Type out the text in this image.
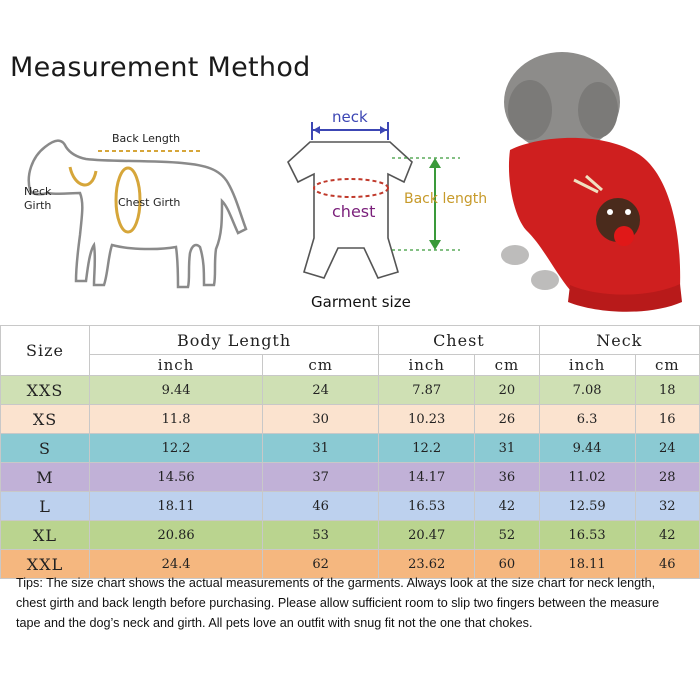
Measurement Method
Back Length
Neck Girth	Chest Girth
neck
chest
Back length
Garment size
Size	Body Length		Chest		Neck	
	inch	cm	inch	cm	inch	cm
XXS	9.44	24	7.87	20	7.08	18
XS	11.8	30	10.23	26	6.3	16
S	12.2	31	12.2	31	9.44	24
M	14.56	37	14.17	36	11.02	28
L	18.11	46	16.53	42	12.59	32
XL	20.86	53	20.47	52	16.53	42
XXL	24.4	62	23.62	60	18.11	46
Tips: The size chart shows the actual measurements of the garments. Always look at the size chart for neck length, chest girth and back length before purchasing. Please allow sufficient room to slip two fingers between the measure tape and the dog’s neck and girth. All pets love an outfit with snug fit not the one that chokes.
